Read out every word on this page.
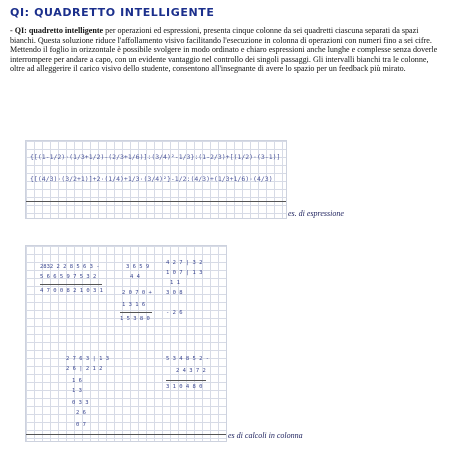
QI: QUADRETTO INTELLIGENTE
- QI: quadretto intelligente per operazioni ed espressioni, presenta cinque colonne da sei quadretti ciascuna separati da spazi bianchi. Questa soluzione riduce l'affollamento visivo facilitando l'esecuzione in colonna di operazioni con numeri fino a sei cifre. Mettendo il foglio in orizzontale è possibile svolgere in modo ordinato e chiaro espressioni anche lunghe e complesse senza doverle interrompere per andare a capo, con un evidente vantaggio nel controllo dei singoli passaggi. Gli intervalli bianchi tra le colonne, oltre ad alleggerire il carico visivo dello studente, consentono all'insegnante di avere lo spazio per un feedback più mirato.
{[(1-1/2)·(1/3+1/2)-(2/3+1/6)]:(3/4)²-1/3}:(1-2/3)+[(1/2)·(3-1)]
{[(4/3)·(3/2+1)]+2·(1/4)+1/3·(3/4)²}-1/2:(4/3)+(1/3+1/6)·(4/3)
es. di espressione
2832 2 2 8 5 6 3 -
5 6 6 5 9 7 5 3 2
4 7 0 0 8 2 1 0 3 1
3 6 5 9
4 4
2 0 7 0 +
1 3 1 6
1 5 3 8 0
4 2 7 | 3 2
1 0 7 | 1 3
1 1
3 0 8
- 2 6
2 7 6 3 | 1 3
2 6 | 2 1 2
1 6
1 3
0 3 3
2 6
0 7
5 3 4 8 5 2 -
2 4 3 7 2
3 1 0 4 8 0
es di calcoli in colonna
